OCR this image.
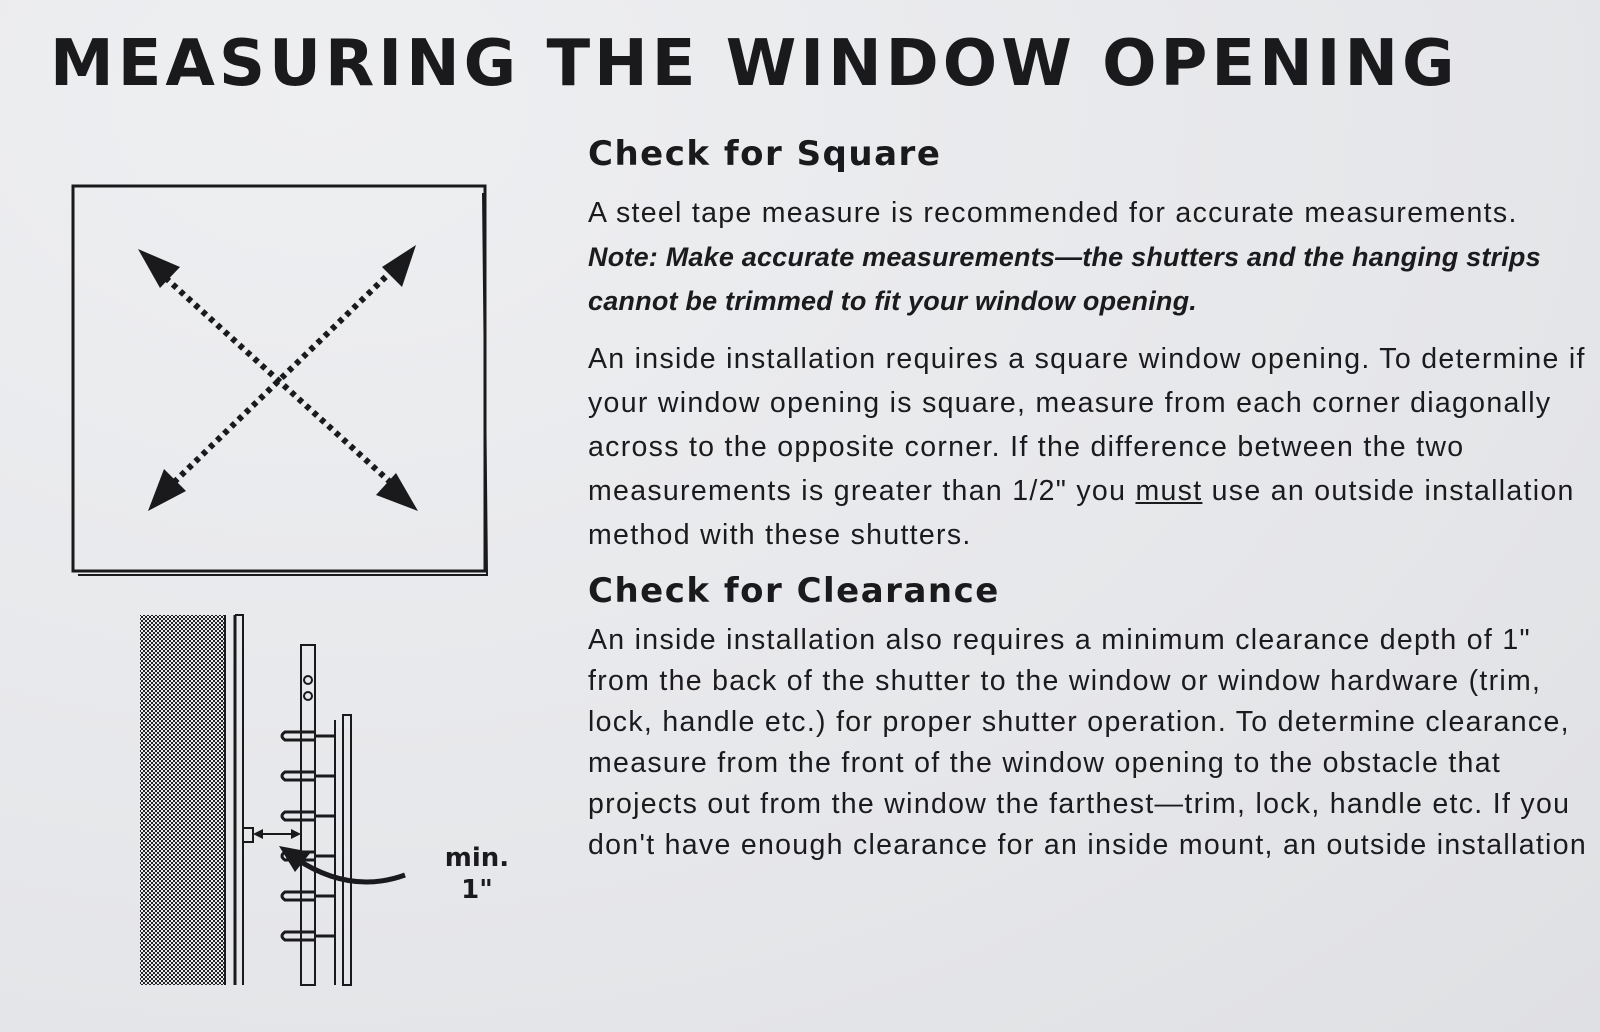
MEASURING THE WINDOW OPENING
min.
1"
Check for Square

A steel tape measure is recommended for accurate measurements.

Note: Make accurate measurements—the shutters and the hanging strips cannot be trimmed to fit your window opening.

An inside installation requires a square window opening. To determine if your window opening is square, measure from each corner diagonally across to the opposite corner. If the difference between the two measurements is greater than 1/2" you must use an outside installation method with these shutters.

Check for Clearance

An inside installation also requires a minimum clearance depth of 1" from the back of the shutter to the window or window hardware (trim, lock, handle etc.) for proper shutter operation. To determine clearance, measure from the front of the window opening to the obstacle that projects out from the window the farthest—trim, lock, handle etc. If you don't have enough clearance for an inside mount, an outside installation
